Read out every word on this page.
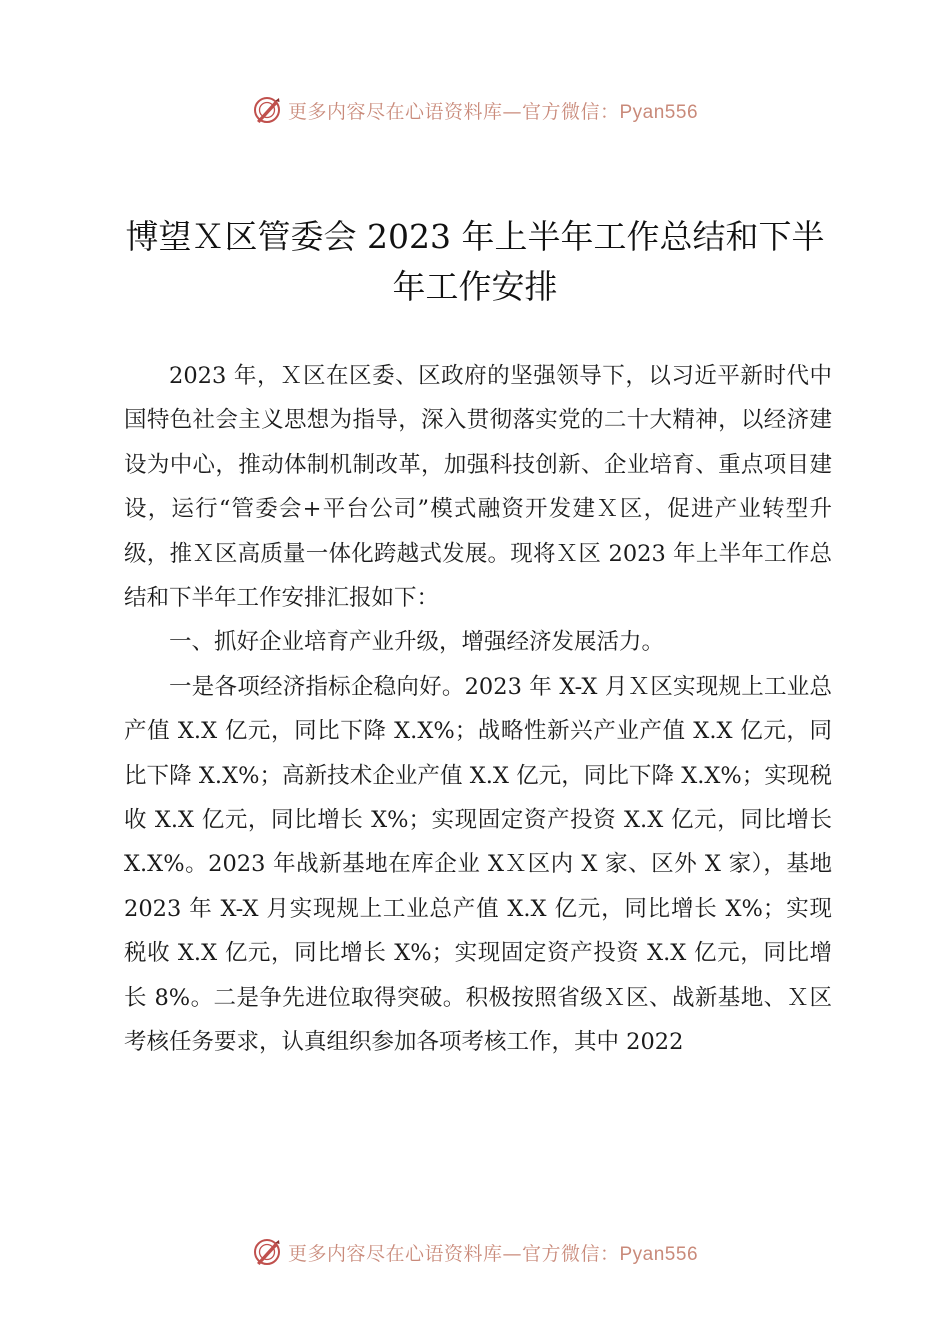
更多内容尽在心语资料库—官方微信：Pyan556
博望Ｘ区管委会 2023 年上半年工作总结和下半年工作安排

2023 年，Ｘ区在区委、区政府的坚强领导下，以习近平新时代中国特色社会主义思想为指导，深入贯彻落实党的二十大精神，以经济建设为中心，推动体制机制改革，加强科技创新、企业培育、重点项目建设，运行“管委会+平台公司”模式融资开发建Ｘ区，促进产业转型升级，推Ｘ区高质量一体化跨越式发展。现将Ｘ区 2023 年上半年工作总结和下半年工作安排汇报如下：

一、抓好企业培育产业升级，增强经济发展活力。

一是各项经济指标企稳向好。2023 年 X-X 月Ｘ区实现规上工业总产值 X.X 亿元，同比下降 X.X%；战略性新兴产业产值 X.X 亿元，同比下降 X.X%；高新技术企业产值 X.X 亿元，同比下降 X.X%；实现税收 X.X 亿元，同比增长 X%；实现固定资产投资 X.X 亿元，同比增长 X.X%。2023 年战新基地在库企业 XＸ区内 X 家、区外 X 家），基地 2023 年 X-X 月实现规上工业总产值 X.X 亿元，同比增长 X%；实现税收 X.X 亿元，同比增长 X%；实现固定资产投资 X.X 亿元，同比增长 8%。二是争先进位取得突破。积极按照省级Ｘ区、战新基地、Ｘ区考核任务要求，认真组织参加各项考核工作，其中 2022

更多内容尽在心语资料库—官方微信：Pyan556
